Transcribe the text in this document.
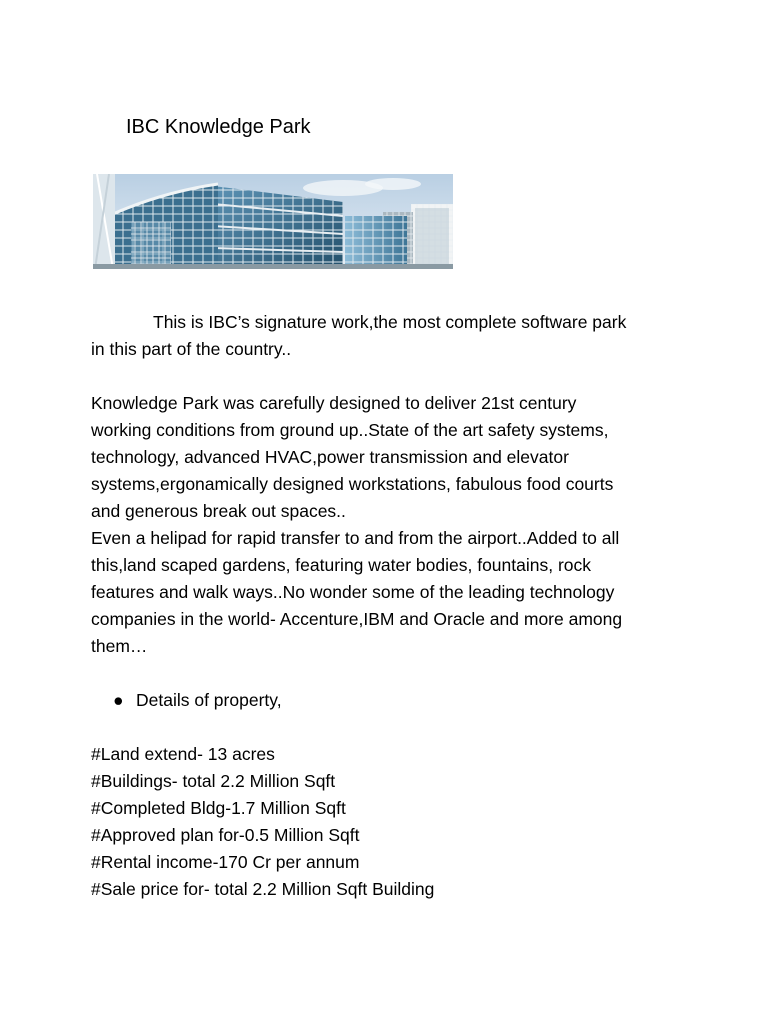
IBC Knowledge Park

This is IBC’s signature work,the most complete software park
in this part of the country..

Knowledge Park was carefully designed to deliver 21st century
working conditions from ground up..State of the art safety systems,
technology, advanced HVAC,power transmission and elevator
systems,ergonamically designed workstations, fabulous food courts
and generous break out spaces..

Even a helipad for rapid transfer to and from the airport..Added to all
this,land scaped gardens, featuring water bodies, fountains, rock
features and walk ways..No wonder some of the leading technology
companies in the world- Accenture,IBM and Oracle and more among
them…

● Details of property,
#Land extend- 13 acres
#Buildings- total 2.2 Million Sqft
#Completed Bldg-1.7 Million Sqft
#Approved plan for-0.5 Million Sqft
#Rental income-170 Cr per annum
#Sale price for- total 2.2 Million Sqft Building
